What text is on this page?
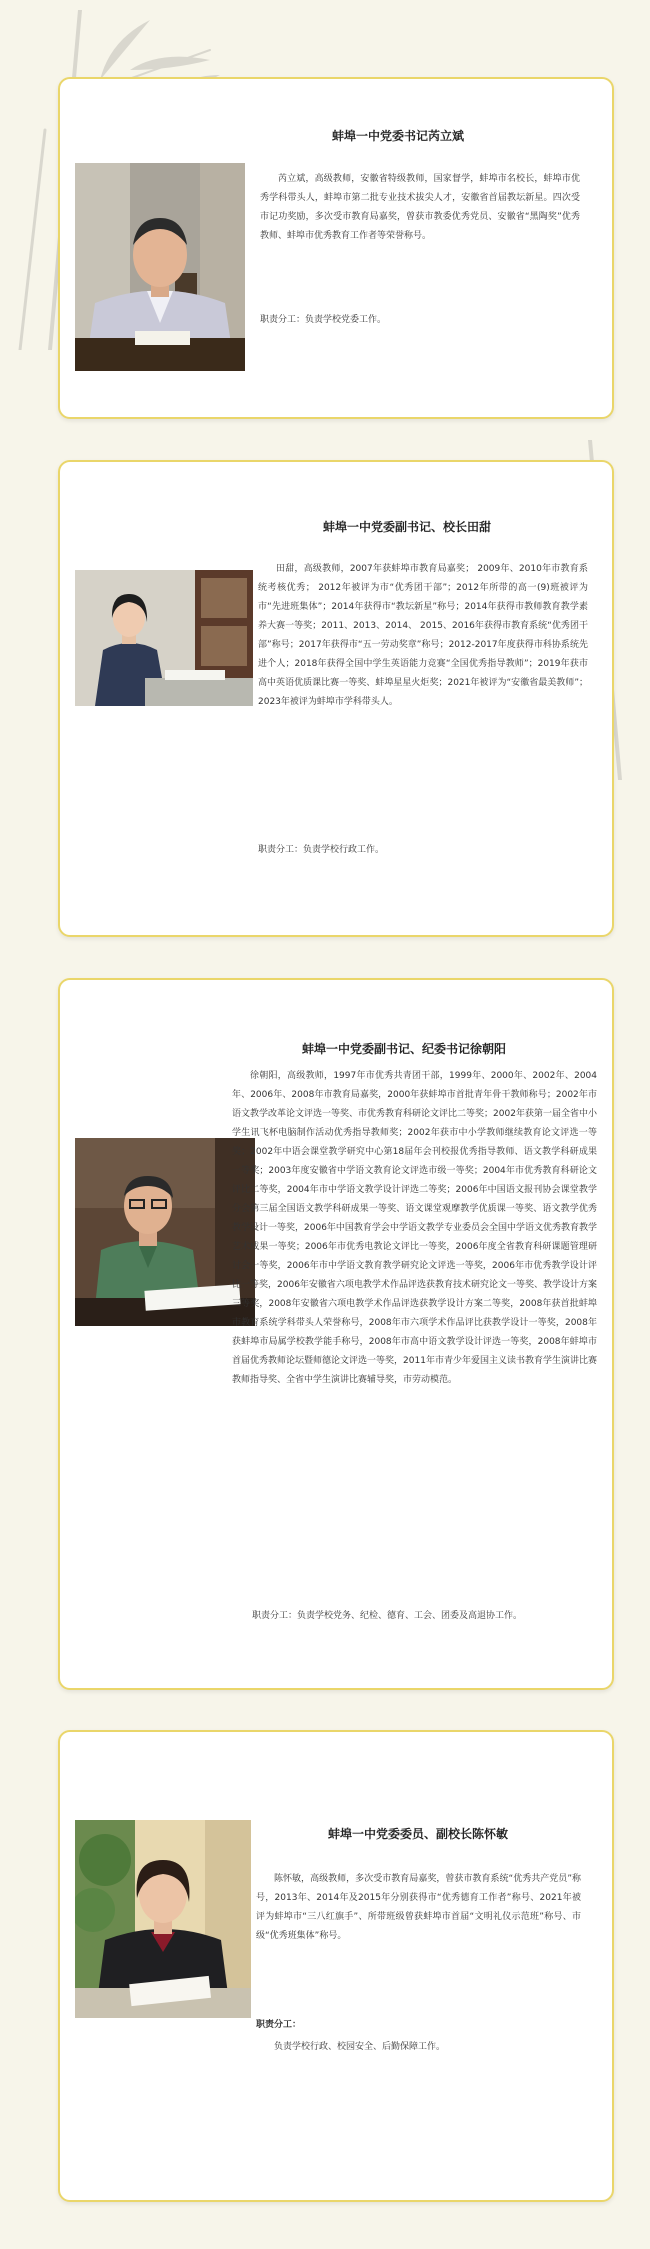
蚌埠一中党委书记芮立斌

芮立斌，高级教师，安徽省特级教师，国家督学，蚌埠市名校长，蚌埠市优秀学科带头人，蚌埠市第二批专业技术拔尖人才，安徽省首届教坛新星。四次受市记功奖励，多次受市教育局嘉奖，曾获市教委优秀党员、安徽省“黑陶奖”优秀教师、蚌埠市优秀教育工作者等荣誉称号。

职责分工：负责学校党委工作。
蚌埠一中党委副书记、校长田甜

田甜，高级教师，2007年获蚌埠市教育局嘉奖； 2009年、2010年市教育系统考核优秀； 2012年被评为市“优秀团干部”；2012年所带的高一(9)班被评为市“先进班集体”；2014年获得市“教坛新星”称号；2014年获得市教师教育教学素养大赛一等奖；2011、2013、2014、 2015、2016年获得市教育系统“优秀团干部”称号；2017年获得市“五一劳动奖章”称号；2012-2017年度获得市科协系统先进个人；2018年获得全国中学生英语能力竞赛“全国优秀指导教师”；2019年获市高中英语优质课比赛一等奖、蚌埠星星火炬奖；2021年被评为“安徽省最美教师”；2023年被评为蚌埠市学科带头人。

职责分工：负责学校行政工作。
蚌埠一中党委副书记、纪委书记徐朝阳

徐朝阳，高级教师，1997年市优秀共青团干部，1999年、2000年、2002年、2004年、2006年、2008年市教育局嘉奖，2000年获蚌埠市首批青年骨干教师称号；2002年市语文教学改革论文评选一等奖、市优秀教育科研论文评比二等奖；2002年获第一届全省中小学生讯飞杯电脑制作活动优秀指导教师奖；2002年获市中小学教师继续教育论文评选一等奖；2002年中语会课堂教学研究中心第18届年会刊校报优秀指导教师、语文教学科研成果一等奖；2003年度安徽省中学语文教育论文评选市级一等奖；2004年市优秀教育科研论文评比二等奖，2004年市中学语文教学设计评选二等奖；2006年中国语文报刊协会课堂教学分会第三届全国语文教学科研成果一等奖、语文课堂观摩教学优质课一等奖、语文教学优秀教学设计一等奖，2006年中国教育学会中学语文教学专业委员会全国中学语文优秀教育教学艺术成果一等奖；2006年市优秀电教论文评比一等奖，2006年度全省教育科研课题管理研讨会一等奖，2006年市中学语文教育教学研究论文评选一等奖，2006年市优秀教学设计评比一等奖，2006年安徽省六项电教学术作品评选获教育技术研究论文一等奖、教学设计方案三等奖，2008年安徽省六项电教学术作品评选获教学设计方案二等奖，2008年获首批蚌埠市教育系统学科带头人荣誉称号，2008年市六项学术作品评比获教学设计一等奖，2008年获蚌埠市局属学校教学能手称号，2008年市高中语文教学设计评选一等奖，2008年蚌埠市首届优秀教师论坛暨师德论文评选一等奖，2011年市青少年爱国主义读书教育学生演讲比赛教师指导奖、全省中学生演讲比赛辅导奖，市劳动模范。

职责分工：负责学校党务、纪检、德育、工会、团委及高退协工作。
蚌埠一中党委委员、副校长陈怀敏

陈怀敏，高级教师，多次受市教育局嘉奖，曾获市教育系统“优秀共产党员”称号，2013年、2014年及2015年分别获得市“优秀德育工作者”称号、2021年被评为蚌埠市“三八红旗手”、所带班级曾获蚌埠市首届“文明礼仪示范班”称号、市级“优秀班集体”称号。

职责分工：
负责学校行政、校园安全、后勤保障工作。
